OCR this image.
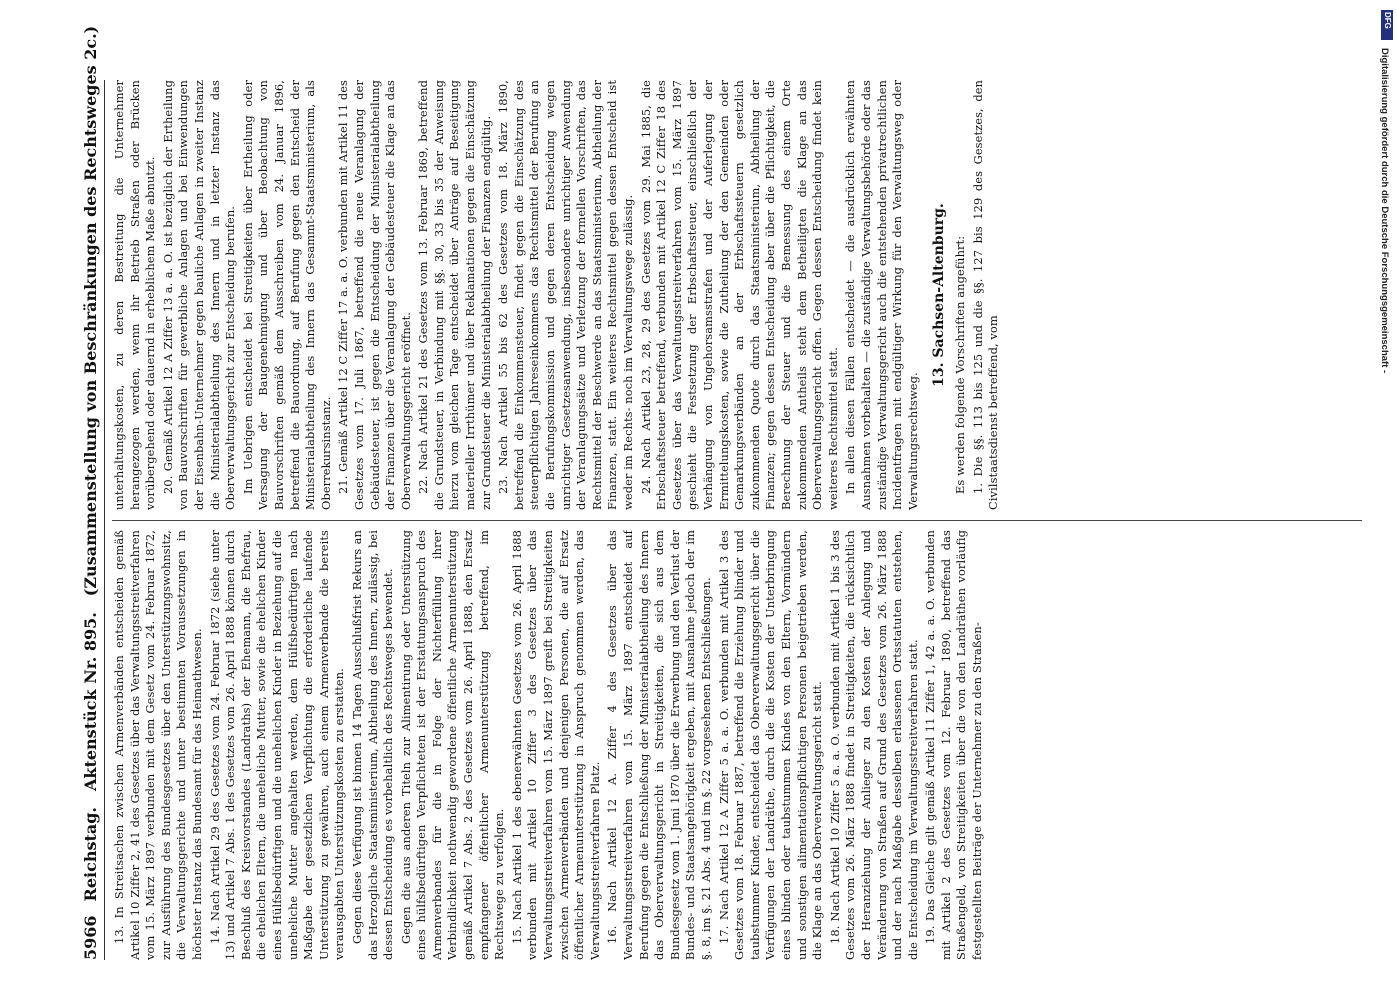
5966
Reichstag.
Aktenstück Nr. 895.
(Zusammenstellung von Beschränkungen des Rechtsweges 2c.)

13. In Streitsachen zwischen Armenverbänden entscheiden gemäß Artikel 10 Ziffer 2, 41 des Gesetzes über das Verwaltungsstreitverfahren vom 15. März 1897 verbunden mit dem Gesetz vom 24. Februar 1872, zur Ausführung des Bundesgesetzes über den Unterstützungswohnsitz, die Verwaltungsgerichte und unter bestimmten Voraussetzungen in höchster Instanz das Bundesamt für das Heimathwesen. 14. Nach Artikel 29 des Gesetzes vom 24. Februar 1872 (siehe unter 13) und Artikel 7 Abs. 1 des Gesetzes vom 26. April 1888 können durch Beschluß des Kreisvorstandes (Landraths) der Ehemann, die Ehefrau, die ehelichen Eltern, die uneheliche Mutter, sowie die ehelichen Kinder eines Hülfsbedürftigen und die unehelichen Kinder in Beziehung auf die uneheliche Mutter angehalten werden, dem Hülfsbedürftigen nach Maßgabe der gesetzlichen Verpflichtung die erforderliche laufende Unterstützung zu gewähren, auch einem Armenverbande die bereits verausgabten Unterstützungskosten zu erstatten. Gegen diese Verfügung ist binnen 14 Tagen Ausschlußfrist Rekurs an das Herzogliche Staatsministerium, Abtheilung des Innern, zulässig, bei dessen Entscheidung es vorbehaltlich des Rechtsweges bewendet. Gegen die aus anderen Titeln zur Alimentirung oder Unterstützung eines hülfsbedürftigen Verpflichteten ist der Erstattungsanspruch des Armenverbandes für die in Folge der Nichterfüllung ihrer Verbindlichkeit nothwendig gewordene öffentliche Armenunterstützung gemäß Artikel 7 Abs. 2 des Gesetzes vom 26. April 1888, den Ersatz empfangener öffentlicher Armenunterstützung betreffend, im Rechtswege zu verfolgen. 15. Nach Artikel 1 des ebenerwähnten Gesetzes vom 26. April 1888 verbunden mit Artikel 10 Ziffer 3 des Gesetzes über das Verwaltungsstreitverfahren vom 15. März 1897 greift bei Streitigkeiten zwischen Armenverbänden und denjenigen Personen, die auf Ersatz öffentlicher Armenunterstützung in Anspruch genommen werden, das Verwaltungsstreitverfahren Platz. 16. Nach Artikel 12 A. Ziffer 4 des Gesetzes über das Verwaltungsstreitverfahren vom 15. März 1897 entscheidet auf Berufung gegen die Entschließung der Ministerialabtheilung des Innern das Oberverwaltungsgericht in Streitigkeiten, die sich aus dem Bundesgesetz vom 1. Juni 1870 über die Erwerbung und den Verlust der Bundes- und Staatsangehörigkeit ergeben, mit Ausnahme jedoch der im §. 8, im §. 21 Abs. 4 und im §. 22 vorgesehenen Entschließungen. 17. Nach Artikel 12 A Ziffer 5 a. a. O. verbunden mit Artikel 3 des Gesetzes vom 18. Februar 1887, betreffend die Erziehung blinder und taubstummer Kinder, entscheidet das Oberverwaltungsgericht über die Verfügungen der Landräthe, durch die die Kosten der Unterbringung eines blinden oder taubstummen Kindes von den Eltern, Vormündern und sonstigen alimentationspflichtigen Personen beigetrieben werden, die Klage an das Oberverwaltungsgericht statt. 18. Nach Artikel 10 Ziffer 5 a. a. O. verbunden mit Artikel 1 bis 3 des Gesetzes vom 26. März 1888 findet in Streitigkeiten, die rücksichtlich der Heranziehung der Anlieger zu den Kosten der Anlegung und Veränderung von Straßen auf Grund des Gesetzes vom 26. März 1888 und der nach Maßgabe desselben erlassenen Ortsstatuten entstehen, die Entscheidung im Verwaltungsstreitverfahren statt. 19. Das Gleiche gilt gemäß Artikel 11 Ziffer 1, 42 a. a. O. verbunden mit Artikel 2 des Gesetzes vom 12. Februar 1890, betreffend das Straßengeld, von Streitigkeiten über die von den Landräthen vorläufig festgestellten Beiträge der Unternehmer zu den Straßen-

unterhaltungskosten, zu deren Bestreitung die Unternehmer herangezogen werden, wenn ihr Betrieb Straßen oder Brücken vorübergehend oder dauernd in erheblichem Maße abnutzt. 20. Gemäß Artikel 12 A Ziffer 13 a. a. O. ist bezüglich der Ertheilung von Bauvorschriften für gewerbliche Anlagen und bei Einwendungen der Eisenbahn-Unternehmer gegen bauliche Anlagen in zweiter Instanz die Ministerialabtheilung des Innern und in letzter Instanz das Oberverwaltungsgericht zur Entscheidung berufen. Im Uebrigen entscheidet bei Streitigkeiten über Ertheilung oder Versagung der Baugenehmigung und über Beobachtung von Bauvorschriften gemäß dem Ausschreiben vom 24. Januar 1896, betreffend die Bauordnung, auf Berufung gegen den Entscheid der Ministerialabtheilung des Innern das Gesammt-Staatsministerium, als Oberrekursinstanz. 21. Gemäß Artikel 12 C Ziffer 17 a. a. O. verbunden mit Artikel 11 des Gesetzes vom 17. Juli 1867, betreffend die neue Veranlagung der Gebäudesteuer, ist gegen die Entscheidung der Ministerialabtheilung der Finanzen über die Veranlagung der Gebäudesteuer die Klage an das Oberverwaltungsgericht eröffnet. 22. Nach Artikel 21 des Gesetzes vom 13. Februar 1869, betreffend die Grundsteuer, in Verbindung mit §§. 30, 33 bis 35 der Anweisung hierzu vom gleichen Tage entscheidet über Anträge auf Beseitigung materieller Irrthümer und über Reklamationen gegen die Einschätzung zur Grundsteuer die Ministerialabtheilung der Finanzen endgültig. 23. Nach Artikel 55 bis 62 des Gesetzes vom 18. März 1890, betreffend die Einkommensteuer, findet gegen die Einschätzung des steuerpflichtigen Jahreseinkommens das Rechtsmittel der Berufung an die Berufungskommission und gegen deren Entscheidung wegen unrichtiger Gesetzesanwendung, insbesondere unrichtiger Anwendung der Veranlagungssätze und Verletzung der formellen Vorschriften, das Rechtsmittel der Beschwerde an das Staatsministerium, Abtheilung der Finanzen, statt. Ein weiteres Rechtsmittel gegen dessen Entscheid ist weder im Rechts- noch im Verwaltungswege zulässig. 24. Nach Artikel 23, 28, 29 des Gesetzes vom 29. Mai 1885, die Erbschaftssteuer betreffend, verbunden mit Artikel 12 C Ziffer 18 des Gesetzes über das Verwaltungsstreitverfahren vom 15. März 1897 geschieht die Festsetzung der Erbschaftssteuer, einschließlich der Verhängung von Ungehorsamsstrafen und der Auferlegung der Ermittelungskosten, sowie die Zutheilung der den Gemeinden oder Gemarkungsverbänden an der Erbschaftssteuern gesetzlich zukommenden Quote durch das Staatsministerium, Abtheilung der Finanzen; gegen dessen Entscheidung aber über die Pflichtigkeit, die Berechnung der Steuer und die Bemessung des einem Orte zukommenden Antheils steht dem Betheiligten die Klage an das Oberverwaltungsgericht offen. Gegen dessen Entscheidung findet kein weiteres Rechtsmittel statt. In allen diesen Fällen entscheidet — die ausdrücklich erwähnten Ausnahmen vorbehalten — die zuständige Verwaltungsbehörde oder das zuständige Verwaltungsgericht auch die entstehenden privatrechtlichen Incidentfragen mit endgültiger Wirkung für den Verwaltungsweg oder Verwaltungsrechtsweg.

13. Sachsen-Altenburg. Es werden folgende Vorschriften angeführt: 1. Die §§. 113 bis 125 und die §§. 127 bis 129 des Gesetzes, den Civilstaatsdienst betreffend, vom

DFG
Digitalisierung gefördert durch die Deutsche Forschungsgemeinschaft -
